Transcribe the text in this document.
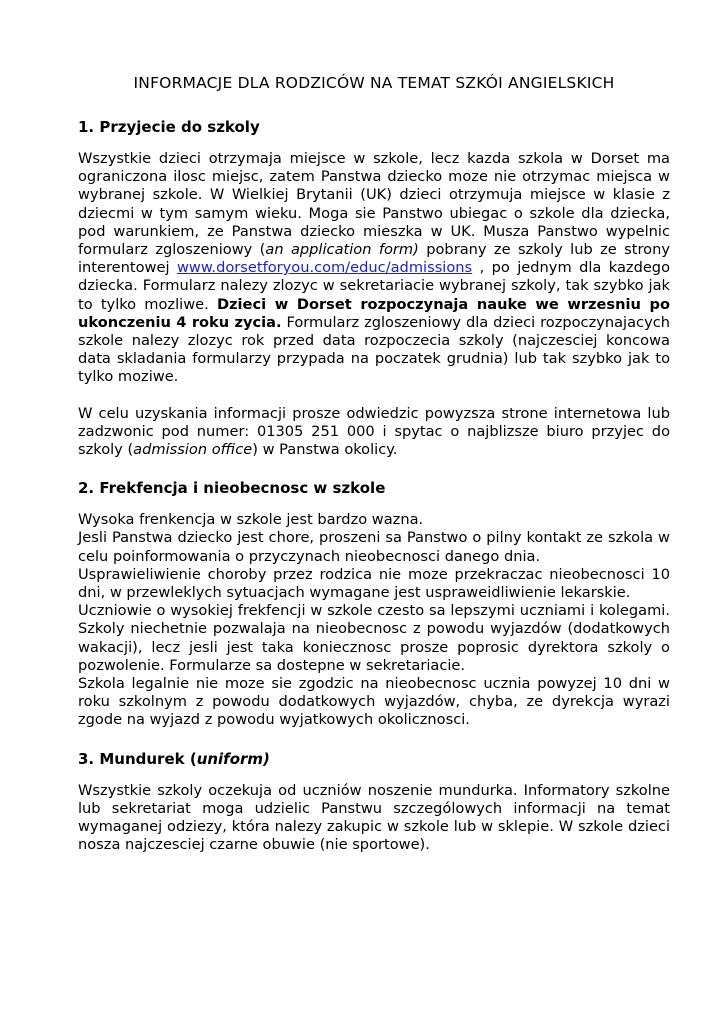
INFORMACJE DLA RODZICÓW NA TEMAT SZKÓI ANGIELSKICH
1. Przyjecie do szkoly

Wszystkie dzieci otrzymaja miejsce w szkole, lecz kazda szkola w Dorset ma ograniczona ilosc miejsc, zatem Panstwa dziecko moze nie otrzymac miejsca w wybranej szkole. W Wielkiej Brytanii (UK) dzieci otrzymuja miejsce w klasie z dziecmi w tym samym wieku. Moga sie Panstwo ubiegac o szkole dla dziecka, pod warunkiem, ze Panstwa dziecko mieszka w UK. Musza Panstwo wypelnic formularz zgloszeniowy (an application form) pobrany ze szkoly lub ze strony interentowej www.dorsetforyou.com/educ/admissions , po jednym dla kazdego dziecka. Formularz nalezy zlozyc w sekretariacie wybranej szkoly, tak szybko jak to tylko mozliwe. Dzieci w Dorset rozpoczynaja nauke we wrzesniu po ukonczeniu 4 roku zycia. Formularz zgloszeniowy dla dzieci rozpoczynajacych szkole nalezy zlozyc rok przed data rozpoczecia szkoly (najczesciej koncowa data skladania formularzy przypada na poczatek grudnia) lub tak szybko jak to tylko moziwe.

W celu uzyskania informacji prosze odwiedzic powyzsza strone internetowa lub zadzwonic pod numer: 01305 251 000 i spytac o najblizsze biuro przyjec do szkoly (admission office) w Panstwa okolicy.

2. Frekfencja i nieobecnosc w szkole

Wysoka frenkencja w szkole jest bardzo wazna.

Jesli Panstwa dziecko jest chore, proszeni sa Panstwo o pilny kontakt ze szkola w celu poinformowania o przyczynach nieobecnosci danego dnia.

Usprawieliwienie choroby przez rodzica nie moze przekraczac nieobecnosci 10 dni, w przewleklych sytuacjach wymagane jest uspraweidliwienie lekarskie.

Uczniowie o wysokiej frekfencji w szkole czesto sa lepszymi uczniami i kolegami. Szkoly niechetnie pozwalaja na nieobecnosc z powodu wyjazdów (dodatkowych wakacji), lecz jesli jest taka koniecznosc prosze poprosic dyrektora szkoly o pozwolenie. Formularze sa dostepne w sekretariacie.

Szkola legalnie nie moze sie zgodzic na nieobecnosc ucznia powyzej 10 dni w roku szkolnym z powodu dodatkowych wyjazdów, chyba, ze dyrekcja wyrazi zgode na wyjazd z powodu wyjatkowych okolicznosci.

3. Mundurek (uniform)

Wszystkie szkoly oczekuja od uczniów noszenie mundurka. Informatory szkolne lub sekretariat moga udzielic Panstwu szczególowych informacji na temat wymaganej odziezy, która nalezy zakupic w szkole lub w sklepie. W szkole dzieci nosza najczesciej czarne obuwie (nie sportowe).
